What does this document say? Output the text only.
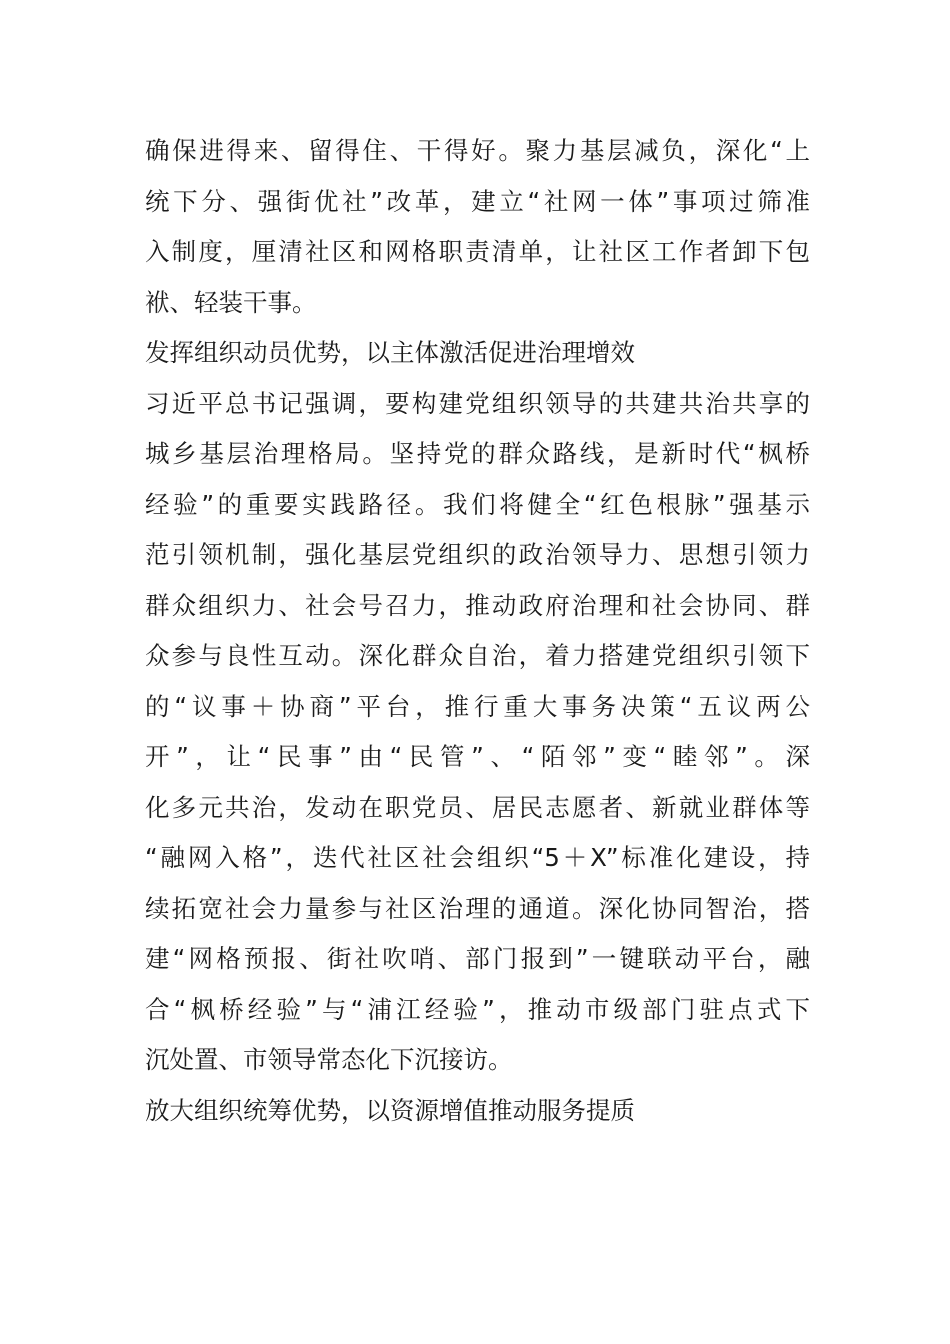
确保进得来、留得住、干得好。聚力基层减负，深化“上
统下分、强街优社”改革，建立“社网一体”事项过筛准
入制度，厘清社区和网格职责清单，让社区工作者卸下包
袱、轻装干事。
发挥组织动员优势，以主体激活促进治理增效
习近平总书记强调，要构建党组织领导的共建共治共享的
城乡基层治理格局。坚持党的群众路线，是新时代“枫桥
经验”的重要实践路径。我们将健全“红色根脉”强基示
范引领机制，强化基层党组织的政治领导力、思想引领力
群众组织力、社会号召力，推动政府治理和社会协同、群
众参与良性互动。深化群众自治，着力搭建党组织引领下
的“议事＋协商”平台，推行重大事务决策“五议两公
开”，让“民事”由“民管”、“陌邻”变“睦邻”。深
化多元共治，发动在职党员、居民志愿者、新就业群体等
“融网入格”，迭代社区社会组织“5＋X”标准化建设，持
续拓宽社会力量参与社区治理的通道。深化协同智治，搭
建“网格预报、街社吹哨、部门报到”一键联动平台，融
合“枫桥经验”与“浦江经验”，推动市级部门驻点式下
沉处置、市领导常态化下沉接访。
放大组织统筹优势，以资源增值推动服务提质
